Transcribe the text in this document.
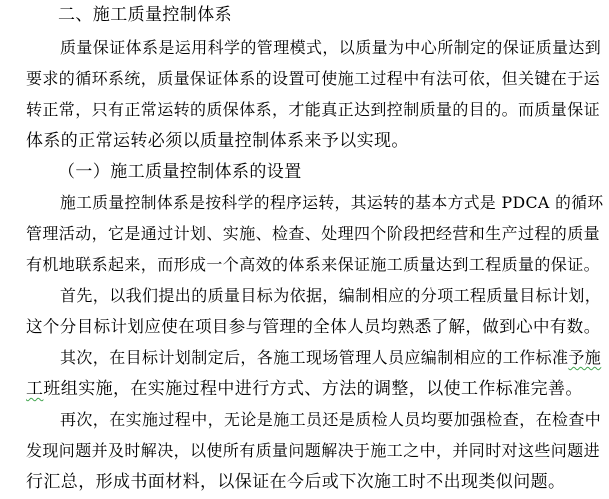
二、施工质量控制体系
质量保证体系是运用科学的管理模式，以质量为中心所制定的保证质量达到
要求的循环系统，质量保证体系的设置可使施工过程中有法可依，但关键在于运
转正常，只有正常运转的质保体系，才能真正达到控制质量的目的。而质量保证
体系的正常运转必须以质量控制体系来予以实现。
（一）施工质量控制体系的设置
施工质量控制体系是按科学的程序运转，其运转的基本方式是 PDCA 的循环
管理活动，它是通过计划、实施、检查、处理四个阶段把经营和生产过程的质量
有机地联系起来，而形成一个高效的体系来保证施工质量达到工程质量的保证。
首先，以我们提出的质量目标为依据，编制相应的分项工程质量目标计划，
这个分目标计划应使在项目参与管理的全体人员均熟悉了解，做到心中有数。
其次，在目标计划制定后，各施工现场管理人员应编制相应的工作标准予施
工班组实施，在实施过程中进行方式、方法的调整，以使工作标准完善。
再次，在实施过程中，无论是施工员还是质检人员均要加强检查，在检查中
发现问题并及时解决，以使所有质量问题解决于施工之中，并同时对这些问题进
行汇总，形成书面材料，以保证在今后或下次施工时不出现类似问题。
